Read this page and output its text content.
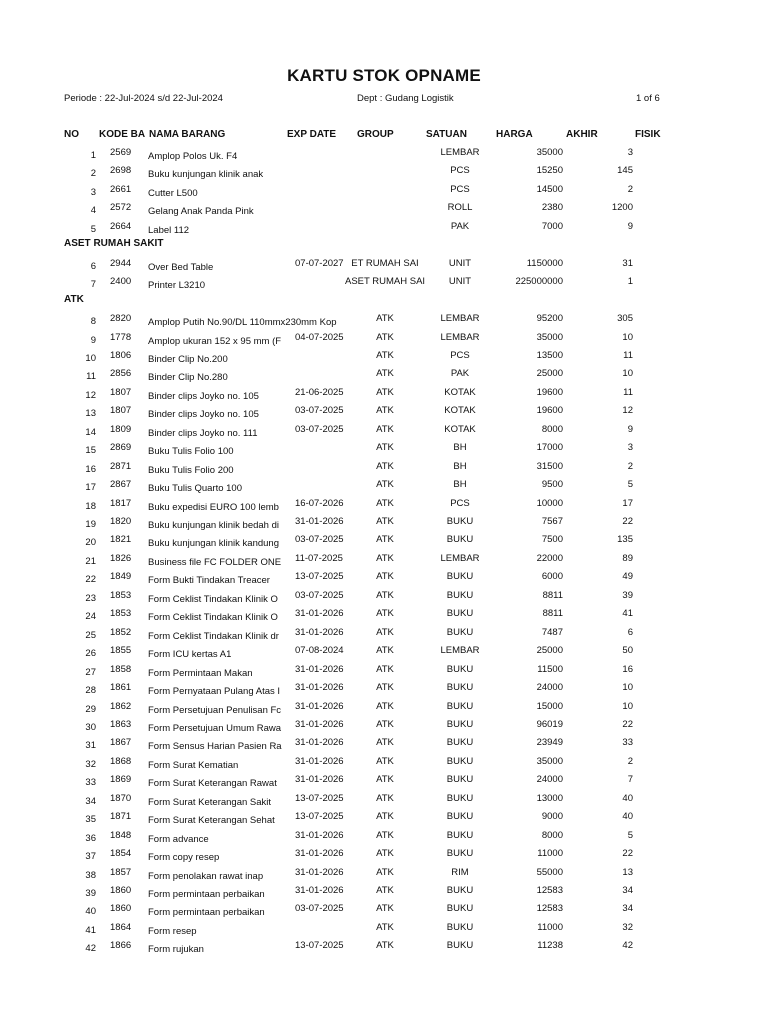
KARTU STOK OPNAME
Periode : 22-Jul-2024 s/d 22-Jul-2024	Dept : Gudang Logistik	1 of 6
NO KODE BA NAMA BARANG	EXP DATE GROUP	SATUAN	HARGA	AKHIR	FISIK
1 2569	Amplop Polos Uk. F4	LEMBAR	35000	3
2 2698	Buku kunjungan klinik anak	PCS	15250	145
3 2661	Cutter L500	PCS	14500	2
4 2572	Gelang Anak Panda Pink	ROLL	2380	1200
5 2664	Label 112	PAK	7000	9
ASET RUMAH SAKIT
6 2944	Over Bed Table	07-07-2027 ET RUMAH SAI	UNIT	1150000	31
7 2400	Printer L3210	ASET RUMAH SAI	UNIT	225000000	1
ATK
8 2820	Amplop Putih No.90/DL 110mmx230mm Kop	ATK	LEMBAR	95200	305
9 1778	Amplop ukuran 152 x 95 mm (F	04-07-2025	ATK	LEMBAR	35000	10
10 1806	Binder Clip No.200	ATK	PCS	13500	11
11 2856	Binder Clip No.280	ATK	PAK	25000	10
12 1807	Binder clips Joyko no. 105	21-06-2025	ATK	KOTAK	19600	11
13 1807	Binder clips Joyko no. 105	03-07-2025	ATK	KOTAK	19600	12
14 1809	Binder clips Joyko no. 111	03-07-2025	ATK	KOTAK	8000	9
15 2869	Buku Tulis Folio 100	ATK	BH	17000	3
16 2871	Buku Tulis Folio 200	ATK	BH	31500	2
17 2867	Buku Tulis Quarto 100	ATK	BH	9500	5
18 1817	Buku expedisi EURO 100 lemb	16-07-2026	ATK	PCS	10000	17
19 1820	Buku kunjungan klinik bedah di	31-01-2026	ATK	BUKU	7567	22
20 1821	Buku kunjungan klinik kandung	03-07-2025	ATK	BUKU	7500	135
21 1826	Business file FC FOLDER ONE	11-07-2025	ATK	LEMBAR	22000	89
22 1849	Form Bukti Tindakan Treacer	13-07-2025	ATK	BUKU	6000	49
23 1853	Form Ceklist Tindakan Klinik O	03-07-2025	ATK	BUKU	8811	39
24 1853	Form Ceklist Tindakan Klinik O	31-01-2026	ATK	BUKU	8811	41
25 1852	Form Ceklist Tindakan Klinik dr	31-01-2026	ATK	BUKU	7487	6
26 1855	Form ICU kertas A1	07-08-2024	ATK	LEMBAR	25000	50
27 1858	Form Permintaan Makan	31-01-2026	ATK	BUKU	11500	16
28 1861	Form Pernyataan Pulang Atas I	31-01-2026	ATK	BUKU	24000	10
29 1862	Form Persetujuan Penulisan Fc	31-01-2026	ATK	BUKU	15000	10
30 1863	Form Persetujuan Umum Rawa	31-01-2026	ATK	BUKU	96019	22
31 1867	Form Sensus Harian Pasien Ra	31-01-2026	ATK	BUKU	23949	33
32 1868	Form Surat Kematian	31-01-2026	ATK	BUKU	35000	2
33 1869	Form Surat Keterangan Rawat	31-01-2026	ATK	BUKU	24000	7
34 1870	Form Surat Keterangan Sakit	13-07-2025	ATK	BUKU	13000	40
35 1871	Form Surat Keterangan Sehat	13-07-2025	ATK	BUKU	9000	40
36 1848	Form advance	31-01-2026	ATK	BUKU	8000	5
37 1854	Form copy resep	31-01-2026	ATK	BUKU	11000	22
38 1857	Form penolakan rawat inap	31-01-2026	ATK	RIM	55000	13
39 1860	Form permintaan perbaikan	31-01-2026	ATK	BUKU	12583	34
40 1860	Form permintaan perbaikan	03-07-2025	ATK	BUKU	12583	34
41 1864	Form resep	ATK	BUKU	11000	32
42 1866	Form rujukan	13-07-2025	ATK	BUKU	11238	42
